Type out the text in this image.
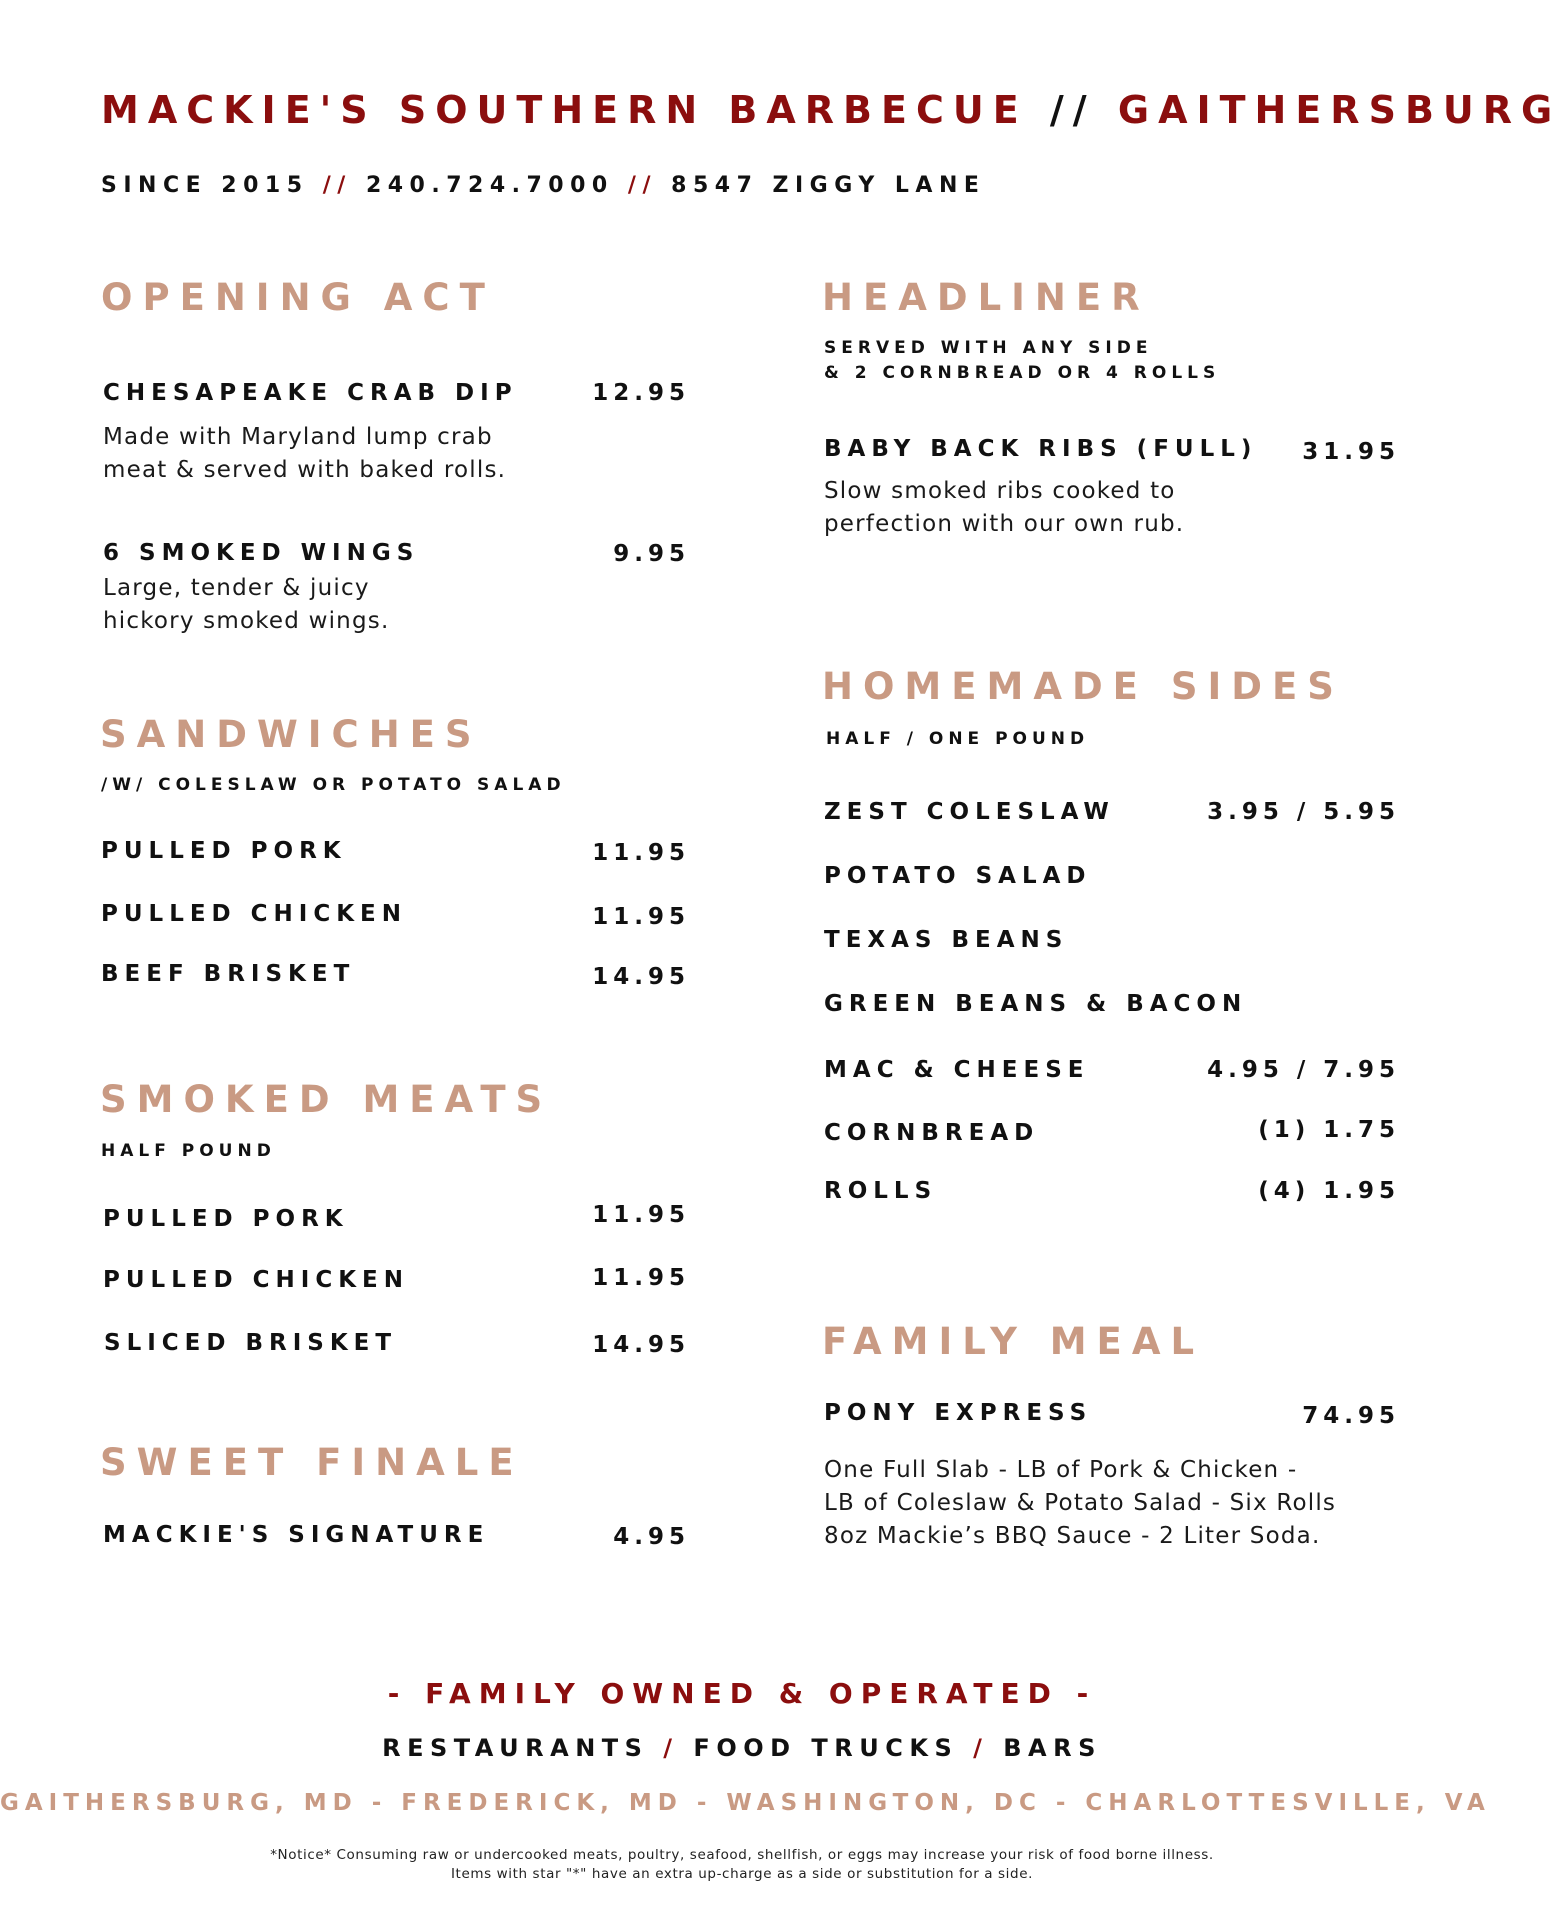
MACKIE'S SOUTHERN BARBECUE // GAITHERSBURG
SINCE 2015 // 240.724.7000 // 8547 ZIGGY LANE
OPENING ACT
CHESAPEAKE CRAB DIP	12.95
Made with Maryland lump crab meat & served with baked rolls.
6 SMOKED WINGS	9.95
Large, tender & juicy hickory smoked wings.
SANDWICHES
/W/ COLESLAW OR POTATO SALAD
PULLED PORK	11.95
PULLED CHICKEN	11.95
BEEF BRISKET	14.95
SMOKED MEATS
HALF POUND
PULLED PORK	11.95
PULLED CHICKEN	11.95
SLICED BRISKET	14.95
SWEET FINALE
MACKIE'S SIGNATURE	4.95
HEADLINER
SERVED WITH ANY SIDE
& 2 CORNBREAD OR 4 ROLLS
BABY BACK RIBS (FULL)	31.95
Slow smoked ribs cooked to perfection with our own rub.
HOMEMADE SIDES
HALF / ONE POUND
ZEST COLESLAW	3.95 / 5.95
POTATO SALAD
TEXAS BEANS
GREEN BEANS & BACON
MAC & CHEESE	4.95 / 7.95
CORNBREAD	(1) 1.75
ROLLS	(4) 1.95
FAMILY MEAL
PONY EXPRESS	74.95
One Full Slab - LB of Pork & Chicken -
LB of Coleslaw & Potato Salad - Six Rolls
8oz Mackie’s BBQ Sauce - 2 Liter Soda.
- FAMILY OWNED & OPERATED -
RESTAURANTS / FOOD TRUCKS / BARS
GAITHERSBURG, MD - FREDERICK, MD - WASHINGTON, DC - CHARLOTTESVILLE, VA
*Notice* Consuming raw or undercooked meats, poultry, seafood, shellfish, or eggs may increase your risk of food borne illness.
Items with star "*" have an extra up-charge as a side or substitution for a side.
